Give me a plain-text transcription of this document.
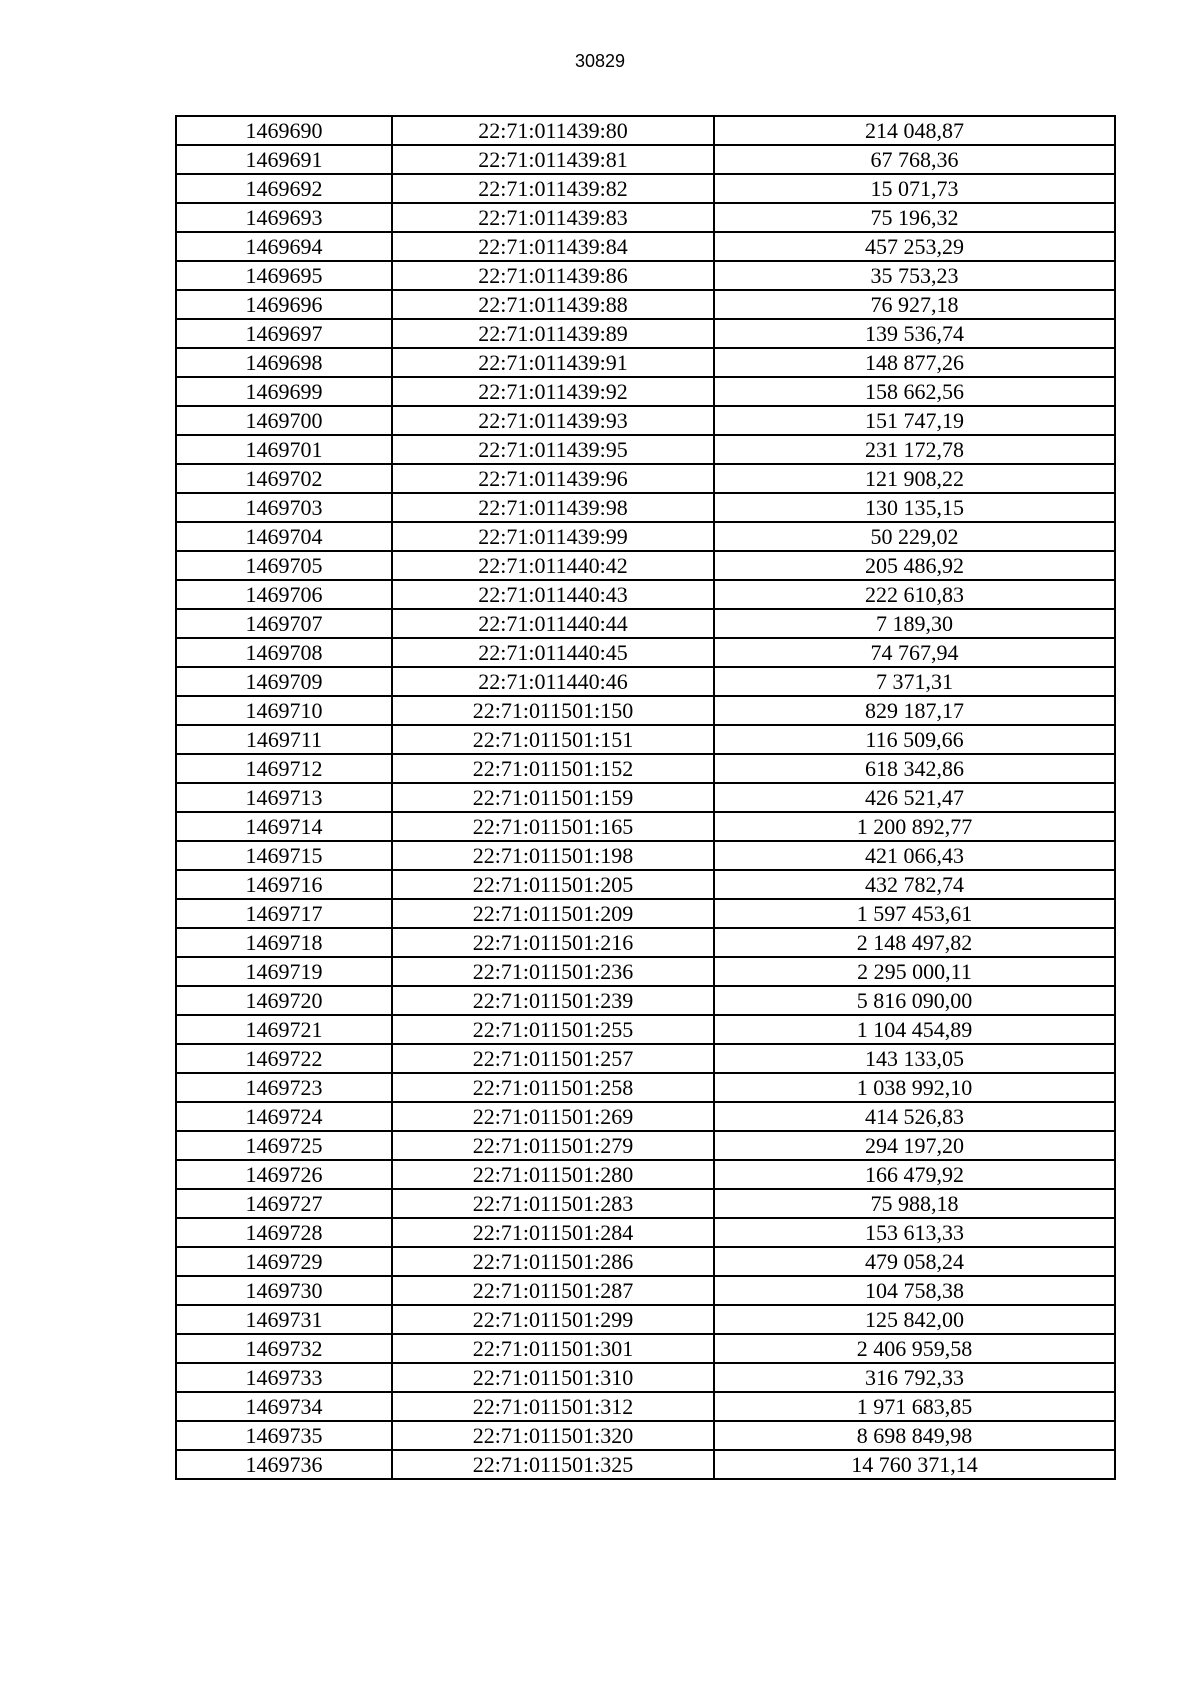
30829
1469690	22:71:011439:80	214 048,87
1469691	22:71:011439:81	67 768,36
1469692	22:71:011439:82	15 071,73
1469693	22:71:011439:83	75 196,32
1469694	22:71:011439:84	457 253,29
1469695	22:71:011439:86	35 753,23
1469696	22:71:011439:88	76 927,18
1469697	22:71:011439:89	139 536,74
1469698	22:71:011439:91	148 877,26
1469699	22:71:011439:92	158 662,56
1469700	22:71:011439:93	151 747,19
1469701	22:71:011439:95	231 172,78
1469702	22:71:011439:96	121 908,22
1469703	22:71:011439:98	130 135,15
1469704	22:71:011439:99	50 229,02
1469705	22:71:011440:42	205 486,92
1469706	22:71:011440:43	222 610,83
1469707	22:71:011440:44	7 189,30
1469708	22:71:011440:45	74 767,94
1469709	22:71:011440:46	7 371,31
1469710	22:71:011501:150	829 187,17
1469711	22:71:011501:151	116 509,66
1469712	22:71:011501:152	618 342,86
1469713	22:71:011501:159	426 521,47
1469714	22:71:011501:165	1 200 892,77
1469715	22:71:011501:198	421 066,43
1469716	22:71:011501:205	432 782,74
1469717	22:71:011501:209	1 597 453,61
1469718	22:71:011501:216	2 148 497,82
1469719	22:71:011501:236	2 295 000,11
1469720	22:71:011501:239	5 816 090,00
1469721	22:71:011501:255	1 104 454,89
1469722	22:71:011501:257	143 133,05
1469723	22:71:011501:258	1 038 992,10
1469724	22:71:011501:269	414 526,83
1469725	22:71:011501:279	294 197,20
1469726	22:71:011501:280	166 479,92
1469727	22:71:011501:283	75 988,18
1469728	22:71:011501:284	153 613,33
1469729	22:71:011501:286	479 058,24
1469730	22:71:011501:287	104 758,38
1469731	22:71:011501:299	125 842,00
1469732	22:71:011501:301	2 406 959,58
1469733	22:71:011501:310	316 792,33
1469734	22:71:011501:312	1 971 683,85
1469735	22:71:011501:320	8 698 849,98
1469736	22:71:011501:325	14 760 371,14
